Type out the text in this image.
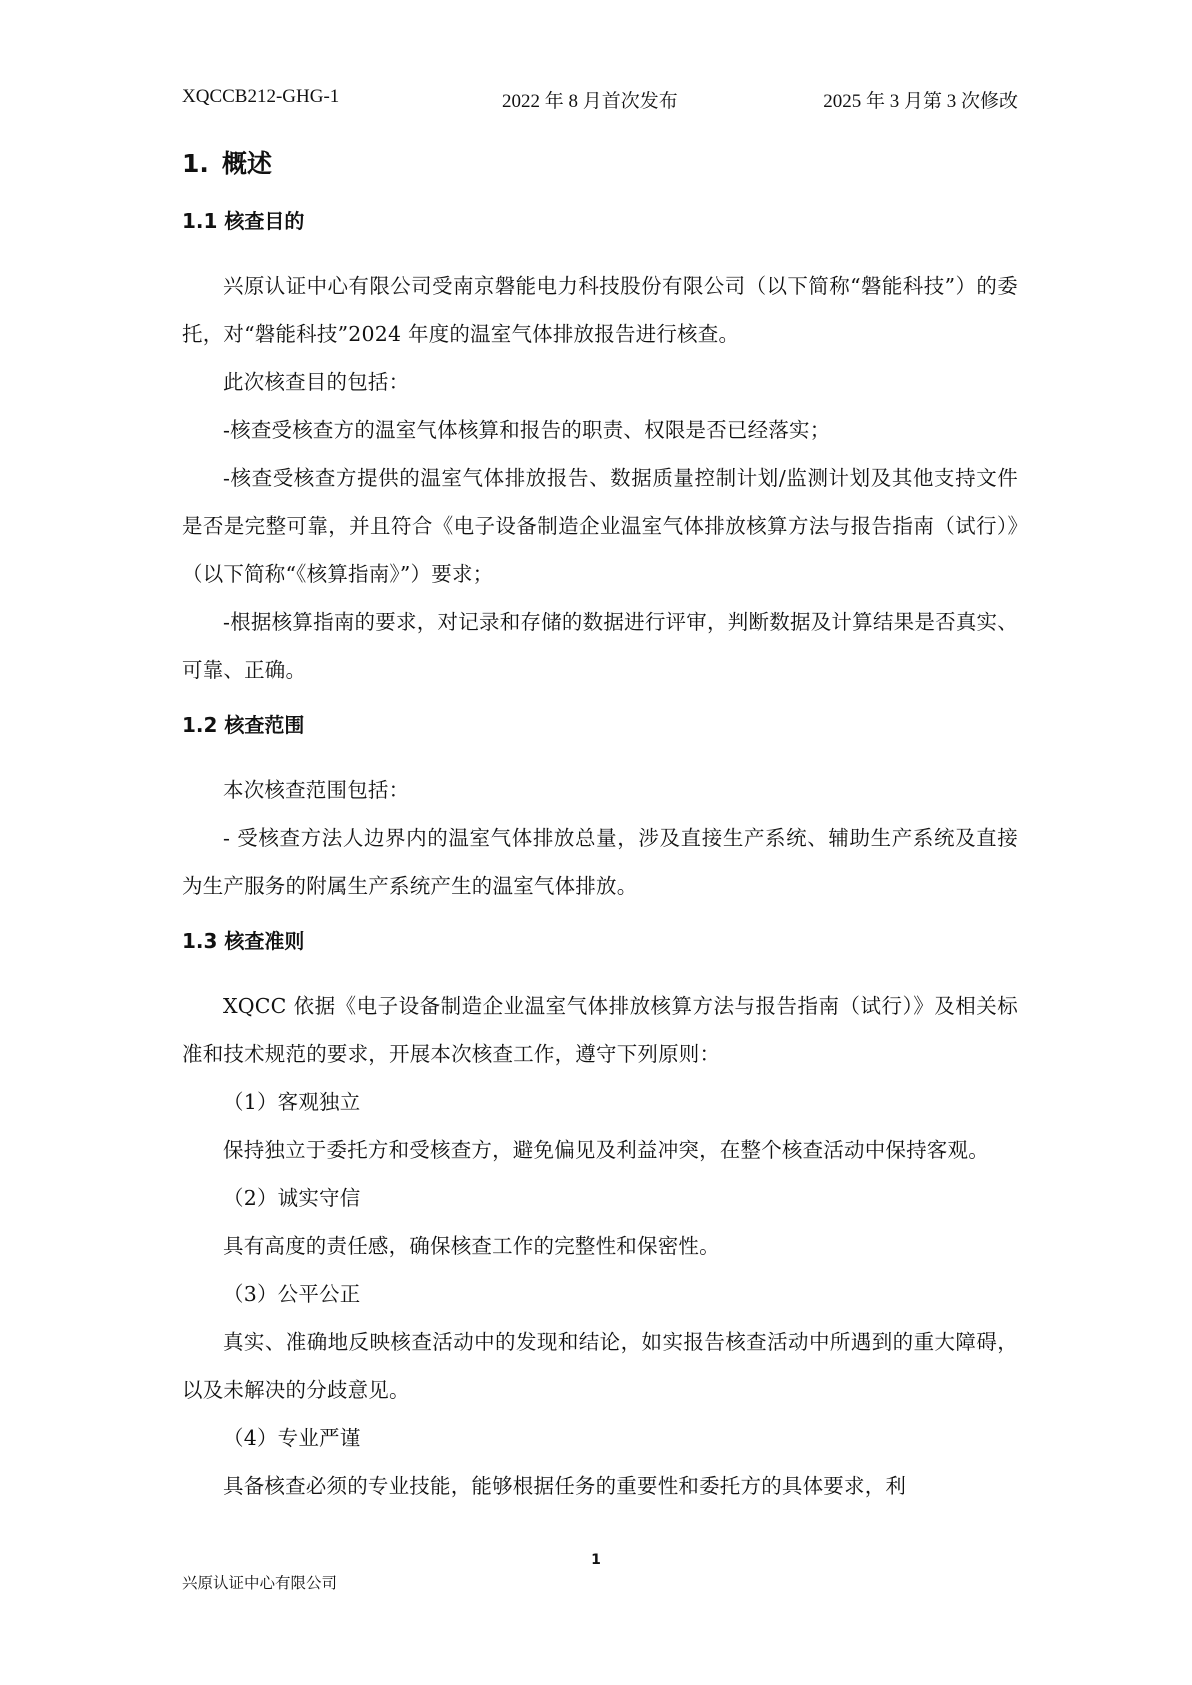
XQCCB212-GHG-1	2022 年 8 月首次发布	2025 年 3 月第 3 次修改
1. 概述
1.1 核查目的

兴原认证中心有限公司受南京磐能电力科技股份有限公司（以下简称“磐能科技”）的委托，对“磐能科技”2024 年度的温室气体排放报告进行核查。

此次核查目的包括：

-核查受核查方的温室气体核算和报告的职责、权限是否已经落实；

-核查受核查方提供的温室气体排放报告、数据质量控制计划/监测计划及其他支持文件是否是完整可靠，并且符合《电子设备制造企业温室气体排放核算方法与报告指南（试行）》（以下简称“《核算指南》”）要求；

-根据核算指南的要求，对记录和存储的数据进行评审，判断数据及计算结果是否真实、可靠、正确。

1.2 核查范围

本次核查范围包括：

- 受核查方法人边界内的温室气体排放总量，涉及直接生产系统、辅助生产系统及直接为生产服务的附属生产系统产生的温室气体排放。

1.3 核查准则

XQCC 依据《电子设备制造企业温室气体排放核算方法与报告指南（试行）》及相关标准和技术规范的要求，开展本次核查工作，遵守下列原则：

（1）客观独立

保持独立于委托方和受核查方，避免偏见及利益冲突，在整个核查活动中保持客观。

（2）诚实守信

具有高度的责任感，确保核查工作的完整性和保密性。

（3）公平公正

真实、准确地反映核查活动中的发现和结论，如实报告核查活动中所遇到的重大障碍，以及未解决的分歧意见。

（4）专业严谨

具备核查必须的专业技能，能够根据任务的重要性和委托方的具体要求，利

1
兴原认证中心有限公司
